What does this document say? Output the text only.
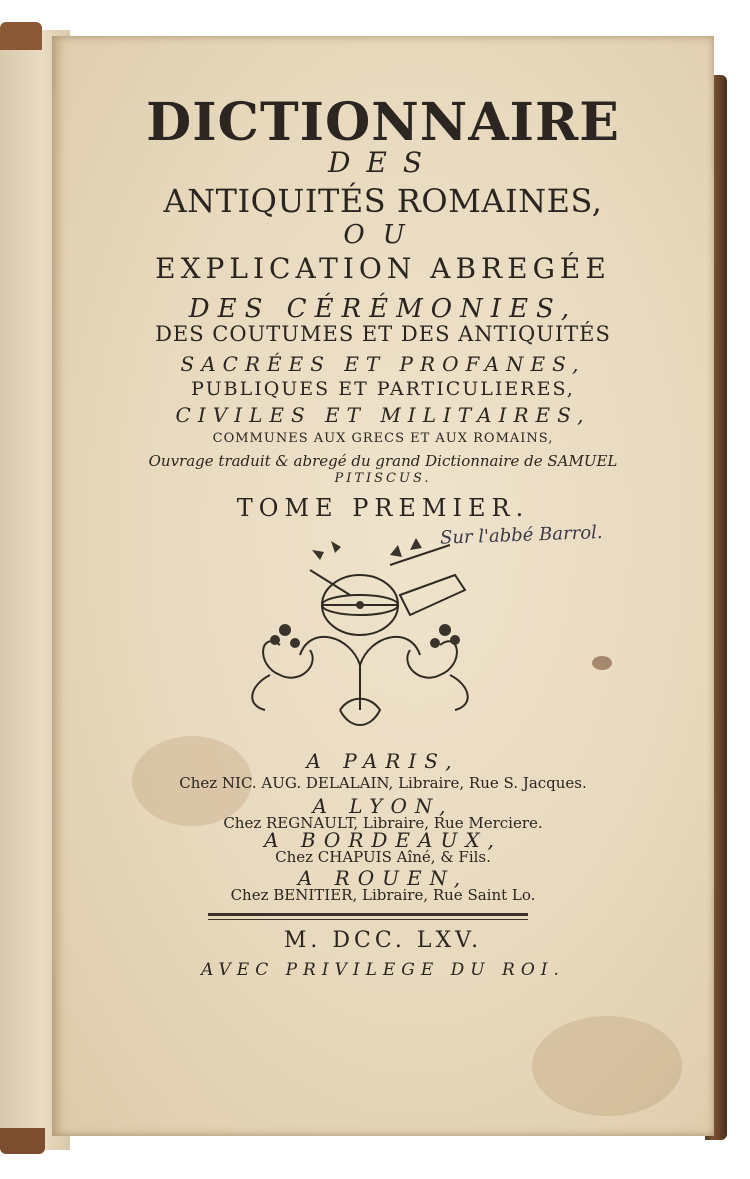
DICTIONNAIRE
DES
ANTIQUITÉS ROMAINES,
OU
EXPLICATION ABREGÉE
DES CÉRÉMONIES,
DES COUTUMES ET DES ANTIQUITÉS
SACRÉES ET PROFANES,
PUBLIQUES ET PARTICULIERES,
CIVILES ET MILITAIRES,
COMMUNES AUX GRECS ET AUX ROMAINS,
Ouvrage traduit & abregé du grand Dictionnaire de SAMUEL
PITISCUS.
TOME PREMIER.
Sur l'abbé Barrol.
A PARIS,
Chez NIC. AUG. DELALAIN, Libraire, Rue S. Jacques.
A LYON,
Chez REGNAULT, Libraire, Rue Merciere.
A BORDEAUX,
Chez CHAPUIS Aîné, & Fils.
A ROUEN,
Chez BENITIER, Libraire, Rue Saint Lo.
M. DCC. LXV.
AVEC PRIVILEGE DU ROI.
